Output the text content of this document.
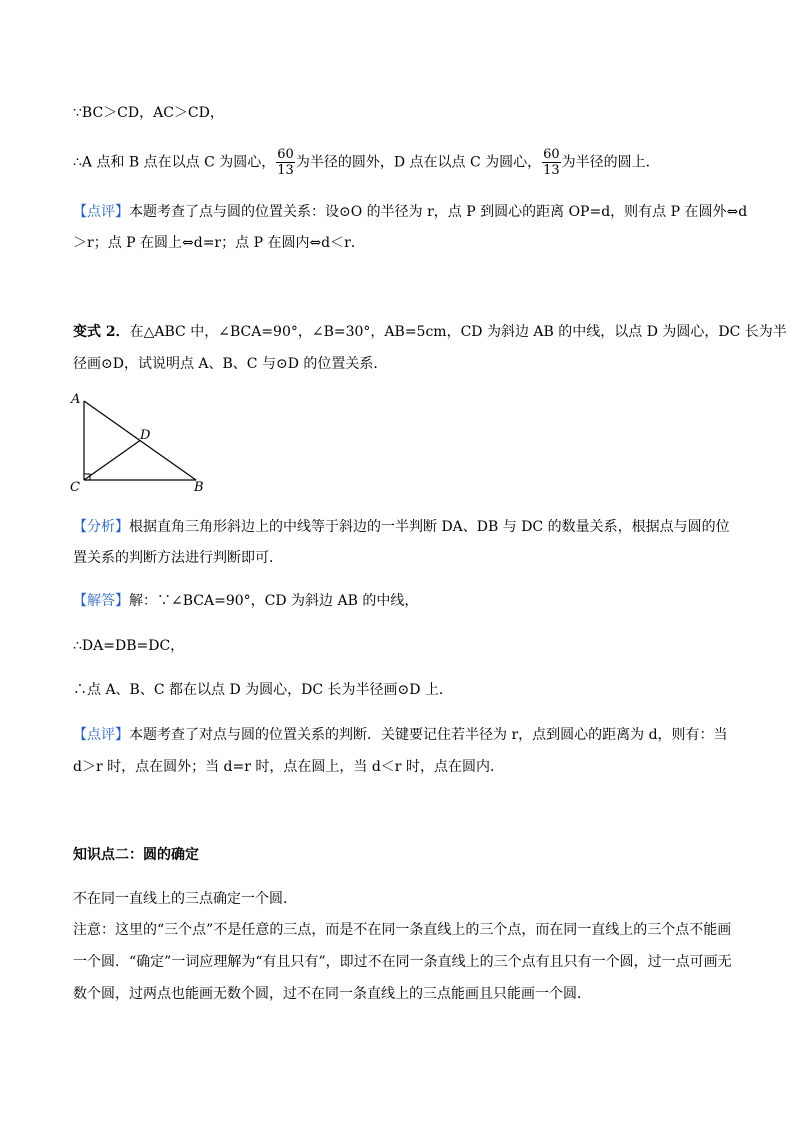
∵BC＞CD，AC＞CD，
∴A 点和 B 点在以点 C 为圆心， $\frac{60}{13}$ 为半径的圆外，D 点在以点 C 为圆心， $\frac{60}{13}$ 为半径的圆上．
【点评】本题考查了点与圆的位置关系：设⊙O 的半径为 r，点 P 到圆心的距离 OP=d，则有点 P 在圆外⇔d
＞r；点 P 在圆上⇔d=r；点 P 在圆内⇔d＜r．
变式 2．在△ABC 中，∠BCA=90°，∠B=30°，AB=5cm，CD 为斜边 AB 的中线，以点 D 为圆心，DC 长为半
径画⊙D，试说明点 A、B、C 与⊙D 的位置关系．
A
D
C	B
【分析】根据直角三角形斜边上的中线等于斜边的一半判断 DA、DB 与 DC 的数量关系，根据点与圆的位
置关系的判断方法进行判断即可．
【解答】解：∵∠BCA=90°，CD 为斜边 AB 的中线，
∴DA=DB=DC，
∴点 A、B、C 都在以点 D 为圆心，DC 长为半径画⊙D 上．
【点评】本题考查了对点与圆的位置关系的判断．关键要记住若半径为 r，点到圆心的距离为 d，则有：当
d＞r 时，点在圆外；当 d=r 时，点在圆上，当 d＜r 时，点在圆内．
知识点二：圆的确定
不在同一直线上的三点确定一个圆．
注意：这里的“三个点”不是任意的三点，而是不在同一条直线上的三个点，而在同一直线上的三个点不能画
一个圆．“确定”一词应理解为“有且只有”，即过不在同一条直线上的三个点有且只有一个圆，过一点可画无
数个圆，过两点也能画无数个圆，过不在同一条直线上的三点能画且只能画一个圆．
